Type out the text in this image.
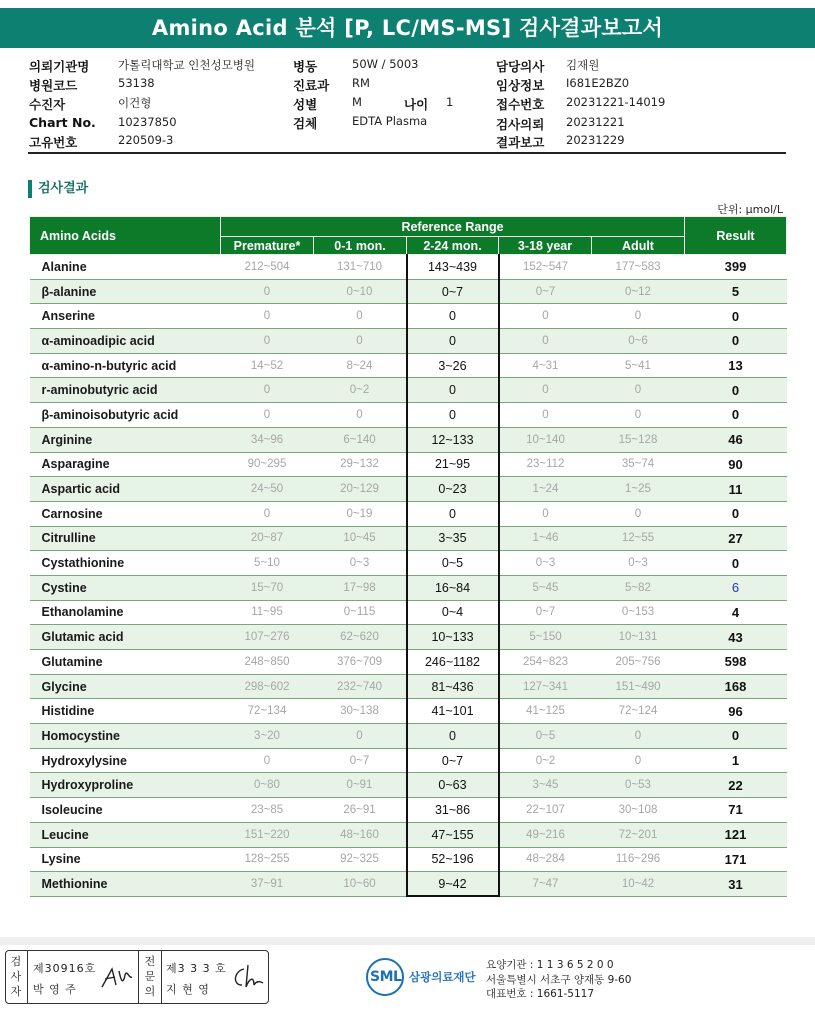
Amino Acid 분석 [P, LC/MS-MS] 검사결과보고서
의뢰기관명 가톨릭대학교 인천성모병원
병원코드	53138
수진자	이건형
Chart No. 10237850
고유번호	220509-3
병동	50W / 5003
진료과 RM
성별	M	나이 1
검체	EDTA Plasma
담당의사 김재원
임상정보 I681E2BZ0
접수번호 20231221-14019
검사의뢰 20231221
결과보고 20231229
검사결과
단위: μmol/L
Amino Acids	Reference Range					Result
	Premature*	0-1 mon.	2-24 mon.	3-18 year	Adult	
Alanine	212~504	131~710	143~439	152~547	177~583	399
β-alanine	0	0~10	0~7	0~7	0~12	5
Anserine	0	0	0	0	0	0
α-aminoadipic acid	0	0	0	0	0~6	0
α-amino-n-butyric acid	14~52	8~24	3~26	4~31	5~41	13
r-aminobutyric acid	0	0~2	0	0	0	0
β-aminoisobutyric acid	0	0	0	0	0	0
Arginine	34~96	6~140	12~133	10~140	15~128	46
Asparagine	90~295	29~132	21~95	23~112	35~74	90
Aspartic acid	24~50	20~129	0~23	1~24	1~25	11
Carnosine	0	0~19	0	0	0	0
Citrulline	20~87	10~45	3~35	1~46	12~55	27
Cystathionine	5~10	0~3	0~5	0~3	0~3	0
Cystine	15~70	17~98	16~84	5~45	5~82	6
Ethanolamine	11~95	0~115	0~4	0~7	0~153	4
Glutamic acid	107~276	62~620	10~133	5~150	10~131	43
Glutamine	248~850	376~709	246~1182	254~823	205~756	598
Glycine	298~602	232~740	81~436	127~341	151~490	168
Histidine	72~134	30~138	41~101	41~125	72~124	96
Homocystine	3~20	0	0	0~5	0	0
Hydroxylysine	0	0~7	0~7	0~2	0	1
Hydroxyproline	0~80	0~91	0~63	3~45	0~53	22
Isoleucine	23~85	26~91	31~86	22~107	30~108	71
Leucine	151~220	48~160	47~155	49~216	72~201	121
Lysine	128~255	92~325	52~196	48~284	116~296	171
Methionine	37~91	10~60	9~42	7~47	10~42	31
검사자
제30916호
박 영 주
전문의
제3 3 3 호
지 현 영
SML 삼광의료재단
요양기관 : 1 1 3 6 5 2 0 0
서울특별시 서초구 양재동 9-60
대표번호 : 1661-5117
